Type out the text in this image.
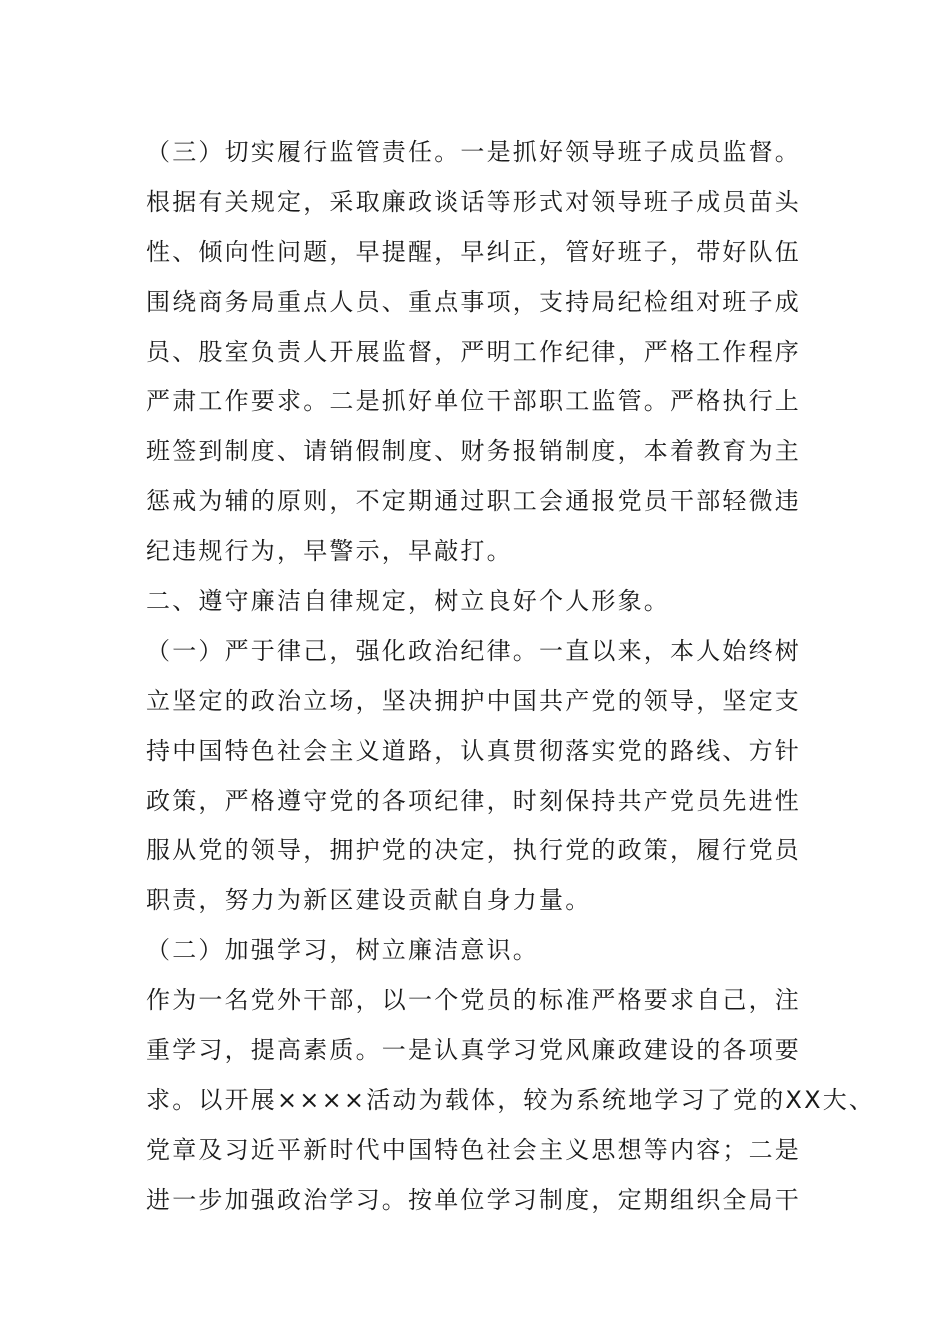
（三）切实履行监管责任。一是抓好领导班子成员监督。
根据有关规定，采取廉政谈话等形式对领导班子成员苗头
性、倾向性问题，早提醒，早纠正，管好班子，带好队伍
围绕商务局重点人员、重点事项，支持局纪检组对班子成
员、股室负责人开展监督，严明工作纪律，严格工作程序
严肃工作要求。二是抓好单位干部职工监管。严格执行上
班签到制度、请销假制度、财务报销制度，本着教育为主
惩戒为辅的原则，不定期通过职工会通报党员干部轻微违
纪违规行为，早警示，早敲打。
二、遵守廉洁自律规定，树立良好个人形象。
（一）严于律己，强化政治纪律。一直以来，本人始终树
立坚定的政治立场，坚决拥护中国共产党的领导，坚定支
持中国特色社会主义道路，认真贯彻落实党的路线、方针
政策，严格遵守党的各项纪律，时刻保持共产党员先进性
服从党的领导，拥护党的决定，执行党的政策，履行党员
职责，努力为新区建设贡献自身力量。
（二）加强学习，树立廉洁意识。
作为一名党外干部，以一个党员的标准严格要求自己，注
重学习，提高素质。一是认真学习党风廉政建设的各项要
求。以开展××××活动为载体，较为系统地学习了党的XX大、
党章及习近平新时代中国特色社会主义思想等内容；二是
进一步加强政治学习。按单位学习制度，定期组织全局干
